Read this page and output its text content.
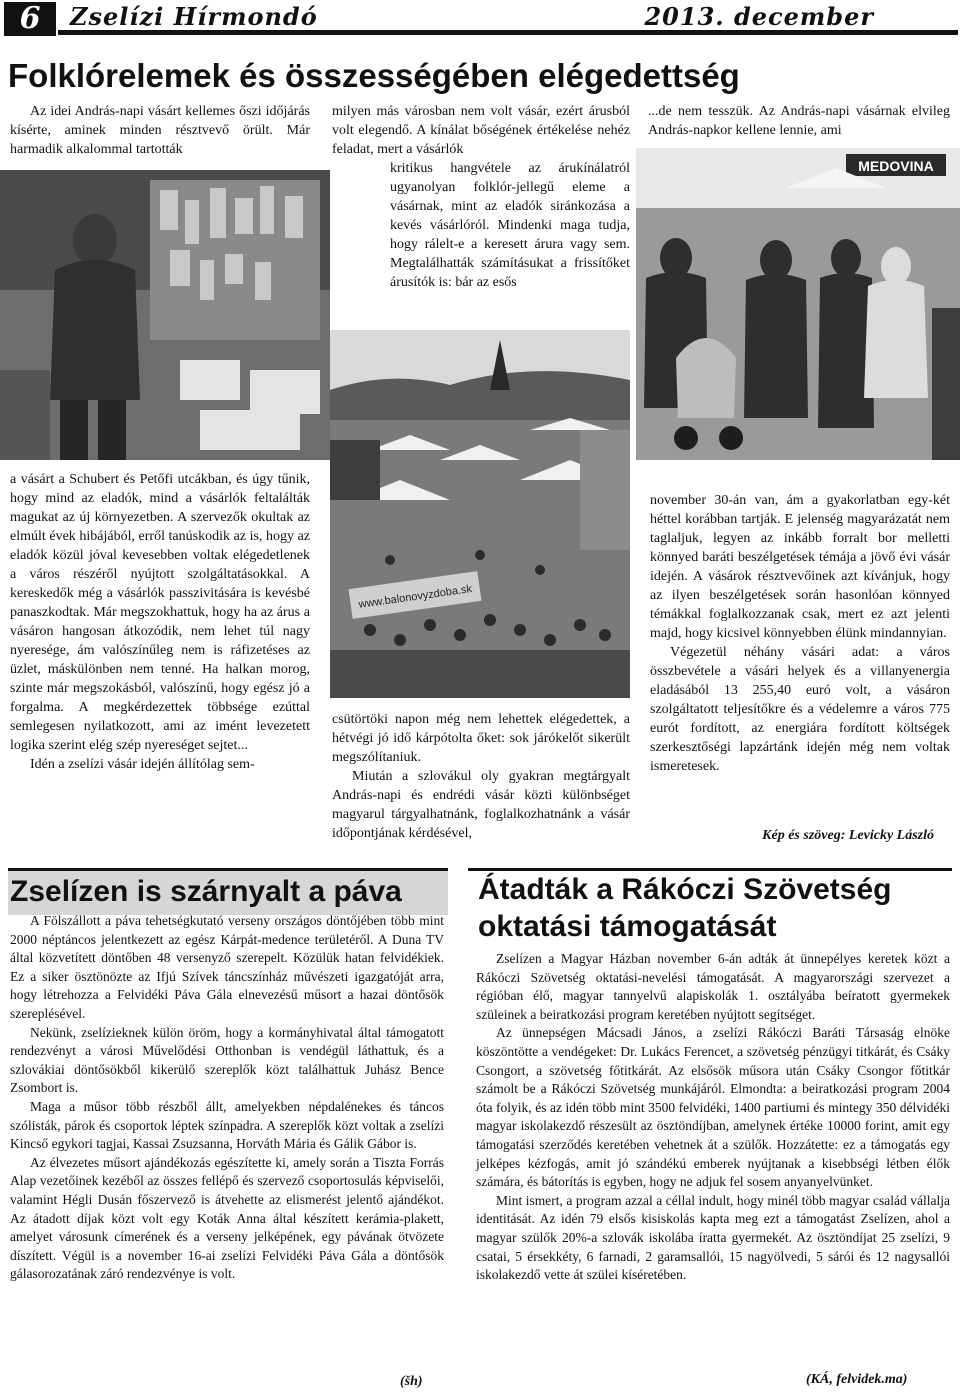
6	Zselízi Hírmondó	2013. december
Folklórelemek és összességében elégedettség
MEDOVINA

Az idei András-napi vásárt kellemes őszi időjárás kísérte, aminek minden résztvevő örült. Már harmadik alkalommal tartották

milyen más városban nem volt vásár, ezért árusból volt elegendő. A kínálat bőségének értékelése nehéz feladat, mert a vásárlók

kritikus hangvétele az árukínálatról ugyanolyan folklór-jellegű eleme a vásárnak, mint az eladók siránkozása a kevés vásárlóról. Mindenki maga tudja, hogy rálelt-e a keresett árura vagy sem. Megtalálhatták számításukat a frissítőket árusítók is: bár az esős

...de nem tesszük. Az András-napi vásárnak elvileg András-napkor kellene lennie, ami

www.balonovyzdoba.sk

a vásárt a Schubert és Petőfi utcákban, és úgy tűnik, hogy mind az eladók, mind a vásárlók feltalálták magukat az új környezetben. A szervezők okultak az elmúlt évek hibájából, erről tanúskodik az is, hogy az eladók közül jóval kevesebben voltak elégedetlenek a város részéről nyújtott szolgáltatásokkal. A kereskedők még a vásárlók passzivitására is kevésbé panaszkodtak. Már megszokhattuk, hogy ha az árus a vásáron hangosan átkozódik, nem lehet túl nagy nyeresége, ám valószínűleg nem is ráfizetéses az üzlet, máskülönben nem tenné. Ha halkan morog, szinte már megszokásból, valószínű, hogy egész jó a forgalma. A megkérdezettek többsége ezúttal semlegesen nyilatkozott, ami az imént levezetett logika szerint elég szép nyereséget sejtet...

Idén a zselízi vásár idején állítólag sem-

csütörtöki napon még nem lehettek elégedettek, a hétvégi jó idő kárpótolta őket: sok járókelőt sikerült megszólítaniuk.

Miután a szlovákul oly gyakran megtárgyalt András-napi és endrédi vásár közti különbséget magyarul tárgyalhatnánk, foglalkozhatnánk a vásár időpontjának kérdésével,

november 30-án van, ám a gyakorlatban egy-két héttel korábban tartják. E jelenség magyarázatát nem taglaljuk, legyen az inkább forralt bor melletti könnyed baráti beszélgetések témája a jövő évi vásár idején. A vásárok résztvevőinek azt kívánjuk, hogy az ilyen beszélgetések során hasonlóan könnyed témákkal foglalkozzanak csak, mert ez azt jelenti majd, hogy kicsivel könnyebben élünk mindannyian.

Végezetül néhány vásári adat: a város összbevétele a vásári helyek és a villanyenergia eladásából 13 255,40 euró volt, a vásáron szolgáltatott teljesítőkre és a védelemre a város 775 eurót fordított, az energiára fordított költségek szerkesztőségi lapzártánk idején még nem voltak ismeretesek.

Kép és szöveg: Levicky László
Zselízen is szárnyalt a páva

A Fölszállott a páva tehetségkutató verseny országos döntőjében több mint 2000 néptáncos jelentkezett az egész Kárpát-medence területéről. A Duna TV által közvetített döntőben 48 versenyző szerepelt. Közülük hatan felvidékiek. Ez a siker ösztönözte az Ifjú Szívek táncszínház művészeti igazgatóját arra, hogy létrehozza a Felvidéki Páva Gála elnevezésű műsort a hazai döntősök szereplésével.

Nekünk, zselízieknek külön öröm, hogy a kormányhivatal által támogatott rendezvényt a városi Művelődési Otthonban is vendégül láthattuk, és a szlovákiai döntősökből kikerülő szereplők közt találhattuk Juhász Bence Zsombort is.

Maga a műsor több részből állt, amelyekben népdalénekes és táncos szólisták, párok és csoportok léptek színpadra. A szereplők közt voltak a zselízi Kincső egykori tagjai, Kassai Zsuzsanna, Horváth Mária és Gálik Gábor is.

Az élvezetes műsort ajándékozás egészítette ki, amely során a Tiszta Forrás Alap vezetőinek kezéből az összes fellépő és szervező csoportosulás képviselői, valamint Hégli Dusán főszervező is átvehette az elismerést jelentő ajándékot. Az átadott díjak közt volt egy Koták Anna által készített kerámia-plakett, amelyet városunk címerének és a verseny jelképének, egy pávának ötvözete díszített. Végül is a november 16-ai zselízi Felvidéki Páva Gála a döntősök gálasorozatának záró rendezvénye is volt.

(šh)
Átadták a Rákóczi Szövetség
oktatási támogatását

Zselízen a Magyar Házban november 6-án adták át ünnepélyes keretek közt a Rákóczi Szövetség oktatási-nevelési támogatását. A magyarországi szervezet a régióban élő, magyar tannyelvű alapiskolák 1. osztályába beíratott gyermekek szüleinek a beiratkozási program keretében nyújtott segítséget.

Az ünnepségen Mácsadi János, a zselízi Rákóczi Baráti Társaság elnöke köszöntötte a vendégeket: Dr. Lukács Ferencet, a szövetség pénzügyi titkárát, és Csáky Csongort, a szövetség főtitkárát. Az elsősök műsora után Csáky Csongor főtitkár számolt be a Rákóczi Szövetség munkájáról. Elmondta: a beiratkozási program 2004 óta folyik, és az idén több mint 3500 felvidéki, 1400 partiumi és mintegy 350 délvidéki magyar iskolakezdő részesült az ösztöndíjban, amelynek értéke 10000 forint, amit egy támogatási szerződés keretében vehetnek át a szülők. Hozzátette: ez a támogatás egy jelképes kézfogás, amit jó szándékú emberek nyújtanak a kisebbségi létben élők számára, és bátorítás is egyben, hogy ne adjuk fel sosem anyanyelvünket.

Mint ismert, a program azzal a céllal indult, hogy minél több magyar család vállalja identitását. Az idén 79 elsős kisiskolás kapta meg ezt a támogatást Zselízen, ahol a magyar szülők 20%-a szlovák iskolába íratta gyermekét. Az ösztöndíjat 25 zselízi, 9 csatai, 5 érsekkéty, 6 farnadi, 2 garamsallói, 15 nagyölvedi, 5 sárói és 12 nagysallói iskolakezdő vette át szülei kíséretében.

(KÁ, felvidek.ma)
